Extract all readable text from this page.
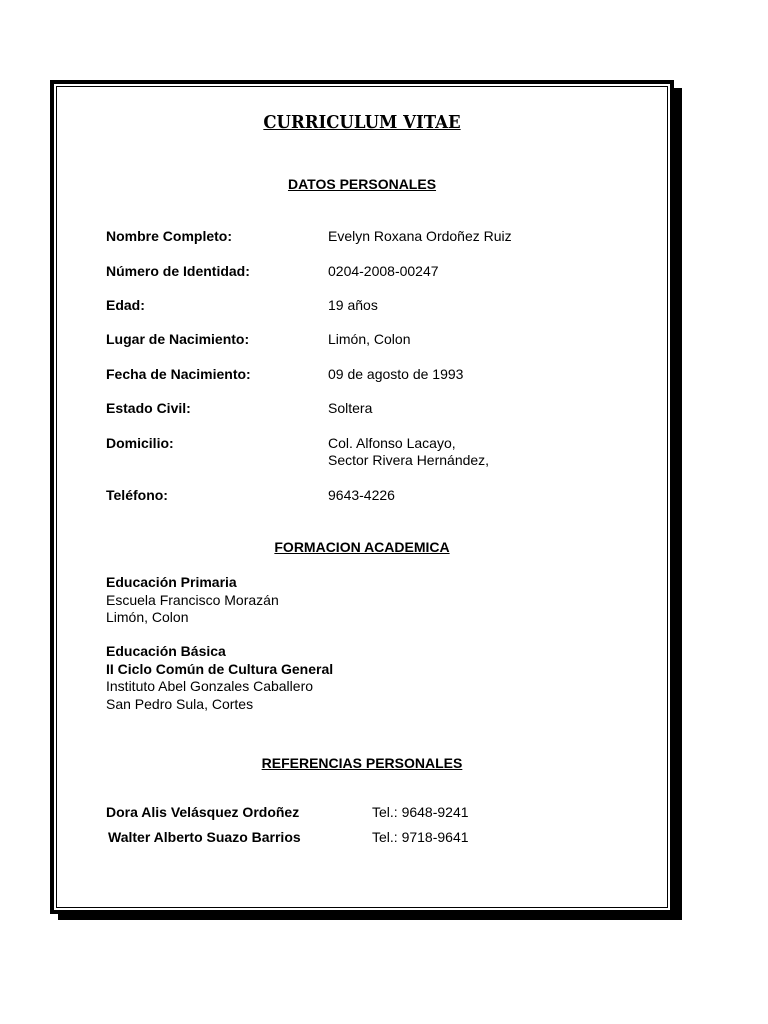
CURRICULUM VITAE
DATOS PERSONALES
Nombre Completo:	Evelyn Roxana Ordoñez Ruiz
Número de Identidad:	0204-2008-00247
Edad:	19 años
Lugar de Nacimiento:	Limón, Colon
Fecha de Nacimiento:	09 de agosto de 1993
Estado Civil:	Soltera
Domicilio:	Col. Alfonso Lacayo,
Sector Rivera Hernández,
Teléfono:	9643-4226
FORMACION ACADEMICA
Educación Primaria
Escuela Francisco Morazán
Limón, Colon
Educación Básica
II Ciclo Común de Cultura General
Instituto Abel Gonzales Caballero
San Pedro Sula, Cortes
REFERENCIAS PERSONALES
Dora Alis Velásquez Ordoñez	Tel.: 9648-9241
Walter Alberto Suazo Barrios	Tel.: 9718-9641
